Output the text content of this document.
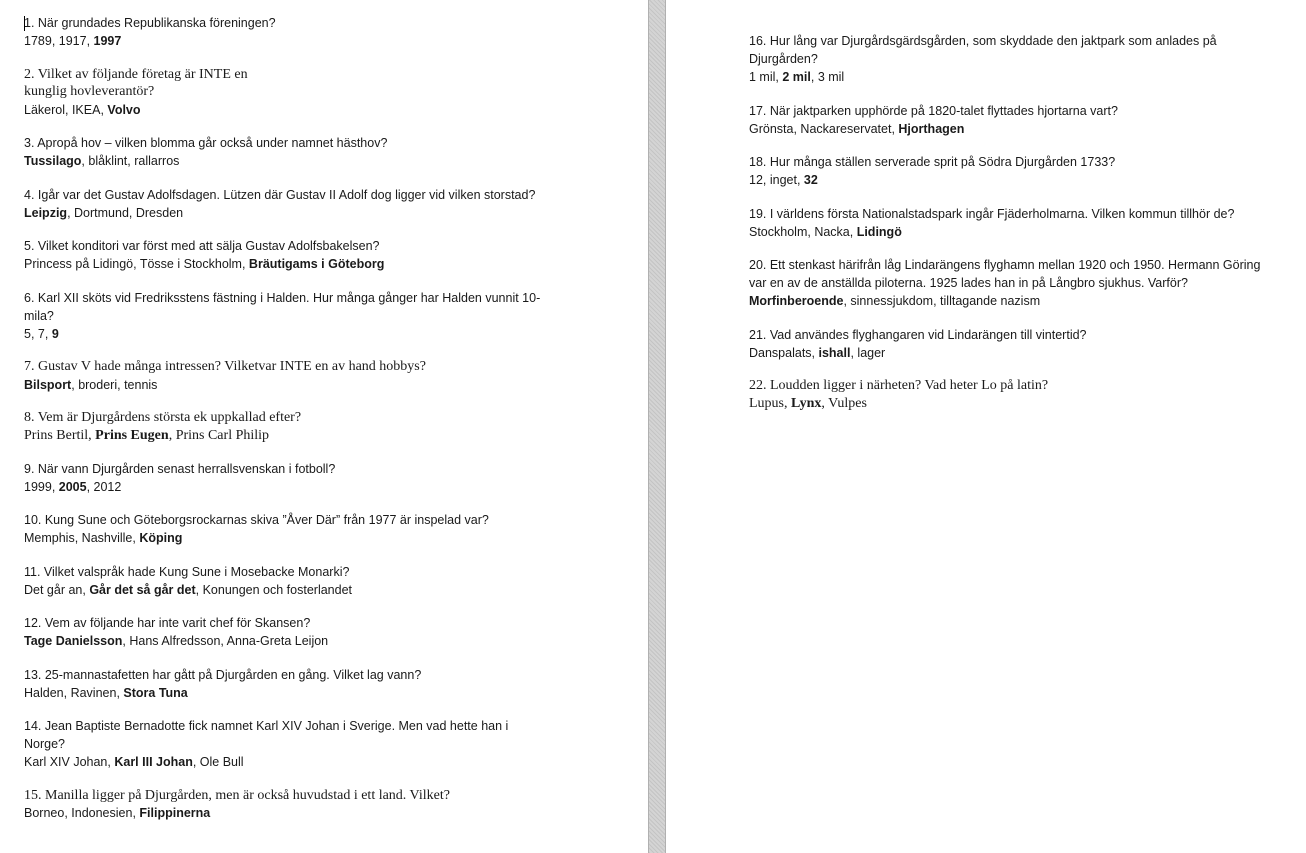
1. När grundades Republikanska föreningen?
1789, 1917, 1997
2. Vilket av följande företag är INTE en
kunglig hovleverantör?
Läkerol, IKEA, Volvo
3. Apropå hov – vilken blomma går också under namnet hästhov?
Tussilago, blåklint, rallarros
4. Igår var det Gustav Adolfsdagen. Lützen där Gustav II Adolf dog ligger vid vilken storstad?
Leipzig, Dortmund, Dresden
5. Vilket konditori var först med att sälja Gustav Adolfsbakelsen?
Princess på Lidingö, Tösse i Stockholm, Bräutigams i Göteborg
6. Karl XII sköts vid Fredriksstens fästning i Halden. Hur många gånger har Halden vunnit 10-
mila?
5, 7, 9
7. Gustav V hade många intressen? Vilketvar INTE en av hand hobbys?
Bilsport, broderi, tennis
8. Vem är Djurgårdens största ek uppkallad efter?
Prins Bertil, Prins Eugen, Prins Carl Philip
9. När vann Djurgården senast herrallsvenskan i fotboll?
1999, 2005, 2012
10. Kung Sune och Göteborgsrockarnas skiva ”Åver Där” från 1977 är inspelad var?
Memphis, Nashville, Köping
11. Vilket valspråk hade Kung Sune i Mosebacke Monarki?
Det går an, Går det så går det, Konungen och fosterlandet
12. Vem av följande har inte varit chef för Skansen?
Tage Danielsson, Hans Alfredsson, Anna-Greta Leijon
13. 25-mannastafetten har gått på Djurgården en gång. Vilket lag vann?
Halden, Ravinen, Stora Tuna
14. Jean Baptiste Bernadotte fick namnet Karl XIV Johan i Sverige. Men vad hette han i
Norge?
Karl XIV Johan, Karl III Johan, Ole Bull
15. Manilla ligger på Djurgården, men är också huvudstad i ett land. Vilket?
Borneo, Indonesien, Filippinerna
16. Hur lång var Djurgårdsgärdsgården, som skyddade den jaktpark som anlades på
Djurgården?
1 mil, 2 mil, 3 mil
17. När jaktparken upphörde på 1820-talet flyttades hjortarna vart?
Grönsta, Nackareservatet, Hjorthagen
18. Hur många ställen serverade sprit på Södra Djurgården 1733?
12, inget, 32
19. I världens första Nationalstadspark ingår Fjäderholmarna. Vilken kommun tillhör de?
Stockholm, Nacka, Lidingö
20. Ett stenkast härifrån låg Lindarängens flyghamn mellan 1920 och 1950. Hermann Göring
var en av de anställda piloterna. 1925 lades han in på Långbro sjukhus. Varför?
Morfinberoende, sinnessjukdom, tilltagande nazism
21. Vad användes flyghangaren vid Lindarängen till vintertid?
Danspalats, ishall, lager
22. Loudden ligger i närheten? Vad heter Lo på latin?
Lupus, Lynx, Vulpes
